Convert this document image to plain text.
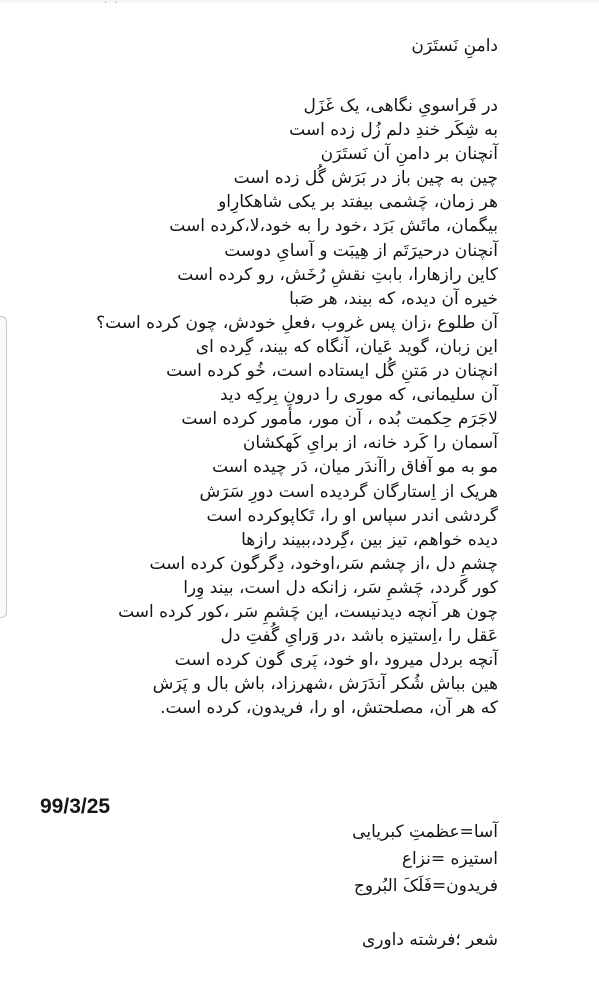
· ·
دامنِ نَستَرَن
در فَراسویِ نگاهی، یک غَزَل
به شِکَر خندِ دلم زُل زده است
آنچنان بر دامنِ آن نَستَرَن
چین به چین باز در بَرَش گُل زده است
هر زمان، چَشمی بیفتد بر یکی شاهکارِاو
بیگمان، ماتَش بَرَد ،خود را به خود،لا،کرده است
آنچنان درحیرَتَم از هِیبَت و آسایِ دوست
کاین رازهارا، بابتِ نقشِ رُخَش، رو کرده است
خیره آن دیده، که بیند، هر صَبا
آن طلوع ،زان پس غروب ،فعلِ خودش، چون کرده است؟
این زبان، گوید عَیان، آنگاه که بیند، گِرده ای
انچنان در مَتنِ گُل ایستاده است، خُو کرده است
آن سلیمانی، که موری را درونِ بِرکِه دید
لاجَرَم حِکمت بُده ، آن مور، مأمور کرده است
آسمان را کَرد خانه، از برایِ کَهکشان
مو به مو آفاق راآندَر میان، دَر چیده است
هریک از اِستارگان گردیده است دورِ سَرَش
گردشی اندر سپاس او را، تَکاپوکرده است
دیده خواهم، تیز بین ،گِردد،ببیند رازها
چشمِ دل ،از چشم سَر،اوخود، دِگرگون کرده است
کور گردد، چَشمِ سَر، زانکه دل است، بیند وِرا
چون هر آنچه دیدنیست، این چَشمِ سَر ،کور کرده است
عَقل را ،اِستیزه باشد ،در وَرایِ گُفتِ دل
آنچه بردل میرود ،او خود، پَری گون کرده است
هین بباش شُکر آندَرَش ،شهرزاد، باش بال و پَرَش
که هر آن، مصلحتش، او را، فریدون، کرده است.
99/3/25
آسا=عظمتِ کبریایی
استیزه =نزاع
فریدون=فَلَکَ البُروج
شعر ؛فرشته داوری
